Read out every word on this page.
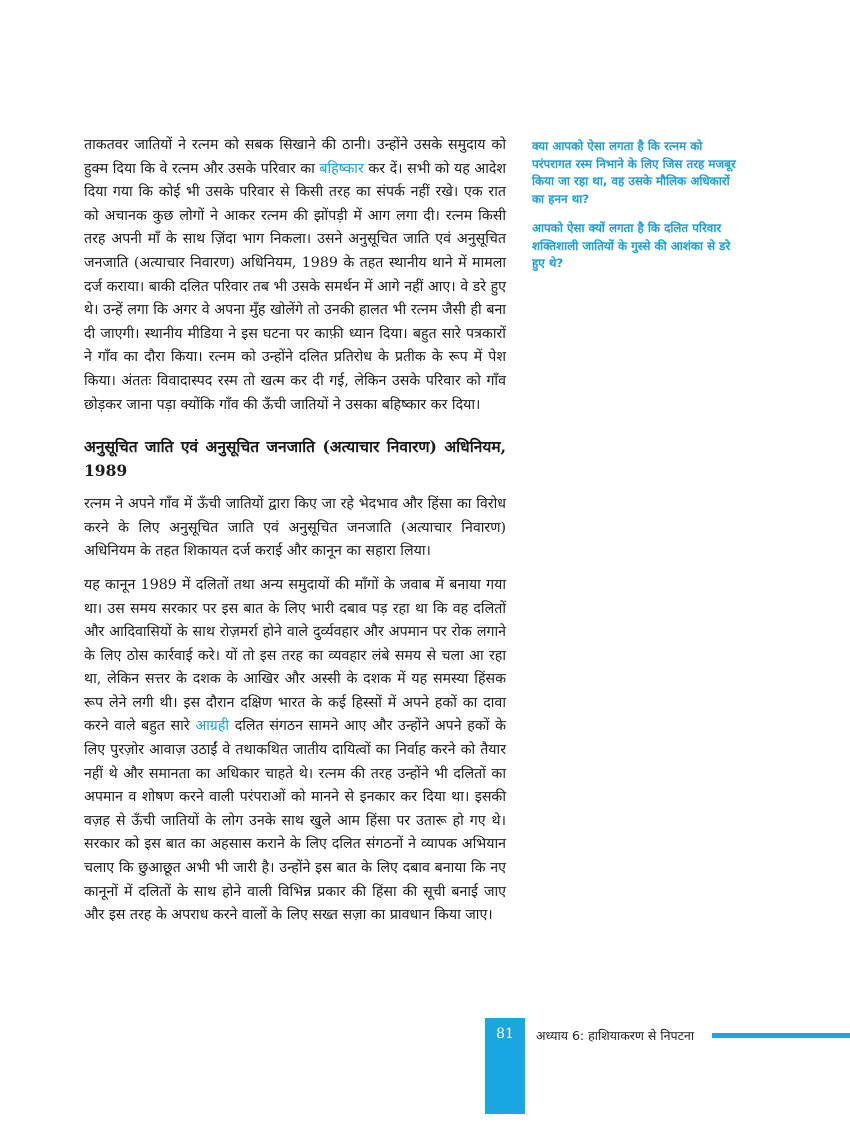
ताकतवर जातियों ने रत्नम को सबक सिखाने की ठानी। उन्होंने उसके समुदाय को हुक्म दिया कि वे रत्नम और उसके परिवार का बहिष्कार कर दें। सभी को यह आदेश दिया गया कि कोई भी उसके परिवार से किसी तरह का संपर्क नहीं रखे। एक रात को अचानक कुछ लोगों ने आकर रत्नम की झोंपड़ी में आग लगा दी। रत्नम किसी तरह अपनी माँ के साथ ज़िंदा भाग निकला। उसने अनुसूचित जाति एवं अनुसूचित जनजाति (अत्याचार निवारण) अधिनियम, 1989 के तहत स्थानीय थाने में मामला दर्ज कराया। बाकी दलित परिवार तब भी उसके समर्थन में आगे नहीं आए। वे डरे हुए थे। उन्हें लगा कि अगर वे अपना मुँह खोलेंगे तो उनकी हालत भी रत्नम जैसी ही बना दी जाएगी। स्थानीय मीडिया ने इस घटना पर काफ़ी ध्यान दिया। बहुत सारे पत्रकारों ने गाँव का दौरा किया। रत्नम को उन्होंने दलित प्रतिरोध के प्रतीक के रूप में पेश किया। अंततः विवादास्पद रस्म तो खत्म कर दी गई, लेकिन उसके परिवार को गाँव छोड़कर जाना पड़ा क्योंकि गाँव की ऊँची जातियों ने उसका बहिष्कार कर दिया।

अनुसूचित जाति एवं अनुसूचित जनजाति (अत्याचार निवारण) अधिनियम, 1989

रत्नम ने अपने गाँव में ऊँची जातियों द्वारा किए जा रहे भेदभाव और हिंसा का विरोध करने के लिए अनुसूचित जाति एवं अनुसूचित जनजाति (अत्याचार निवारण) अधिनियम के तहत शिकायत दर्ज कराई और कानून का सहारा लिया।

यह कानून 1989 में दलितों तथा अन्य समुदायों की माँगों के जवाब में बनाया गया था। उस समय सरकार पर इस बात के लिए भारी दबाव पड़ रहा था कि वह दलितों और आदिवासियों के साथ रोज़मर्रा होने वाले दुर्व्यवहार और अपमान पर रोक लगाने के लिए ठोस कार्रवाई करे। यों तो इस तरह का व्यवहार लंबे समय से चला आ रहा था, लेकिन सत्तर के दशक के आखिर और अस्सी के दशक में यह समस्या हिंसक रूप लेने लगी थी। इस दौरान दक्षिण भारत के कई हिस्सों में अपने हकों का दावा करने वाले बहुत सारे आग्रही दलित संगठन सामने आए और उन्होंने अपने हकों के लिए पुरज़ोर आवाज़ उठाईं वे तथाकथित जातीय दायित्वों का निर्वाह करने को तैयार नहीं थे और समानता का अधिकार चाहते थे। रत्नम की तरह उन्होंने भी दलितों का अपमान व शोषण करने वाली परंपराओं को मानने से इनकार कर दिया था। इसकी वज़ह से ऊँची जातियों के लोग उनके साथ खुले आम हिंसा पर उतारू हो गए थे। सरकार को इस बात का अहसास कराने के लिए दलित संगठनों ने व्यापक अभियान चलाए कि छुआछूत अभी भी जारी है। उन्होंने इस बात के लिए दबाव बनाया कि नए कानूनों में दलितों के साथ होने वाली विभिन्न प्रकार की हिंसा की सूची बनाई जाए और इस तरह के अपराध करने वालों के लिए सख्त सज़ा का प्रावधान किया जाए।

क्या आपको ऐसा लगता है कि रत्नम को परंपरागत रस्म निभाने के लिए जिस तरह मजबूर किया जा रहा था, वह उसके मौलिक अधिकारों का हनन था?

आपको ऐसा क्यों लगता है कि दलित परिवार शक्तिशाली जातियों के गुस्से की आशंका से डरे हुए थे?

81	अध्याय 6: हाशियाकरण से निपटना
